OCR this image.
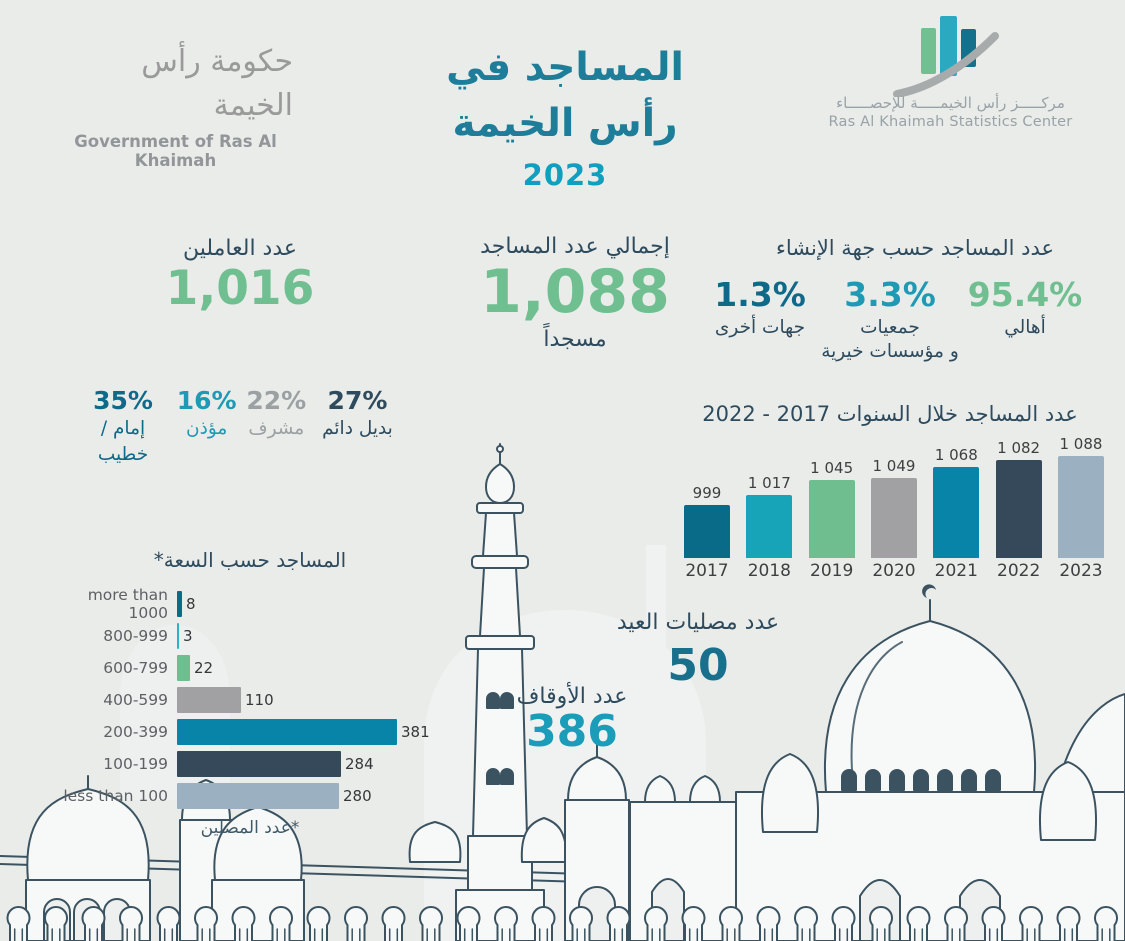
حكومة رأس الخيمة
Government of Ras Al Khaimah
المساجد في
رأس الخيمة
2023
مركـــــز رأس الخيمـــــة للإحصـــــاء
Ras Al Khaimah Statistics Center
عدد العاملين
1,016
35%
إمام / خطيب
16%
مؤذن
22%
مشرف
27%
بديل دائم
إجمالي عدد المساجد
1,088
مسجداً
عدد المساجد حسب جهة الإنشاء
1.3%
جهات أخرى
3.3%
جمعيات
و مؤسسات خيرية
95.4%
أهالي
عدد المساجد خلال السنوات 2017 - 2022
999
2017
1 017
2018
1 045
2019
1 049
2020
1 068
2021
1 082
2022
1 088
2023
المساجد حسب السعة*
more than 1000 8
800-999 3
600-799 22
400-599	110
200-399	381
100-199	284
less than 100	280
*عدد المصلين
عدد الأوقاف
386
عدد مصليات العيد
50
